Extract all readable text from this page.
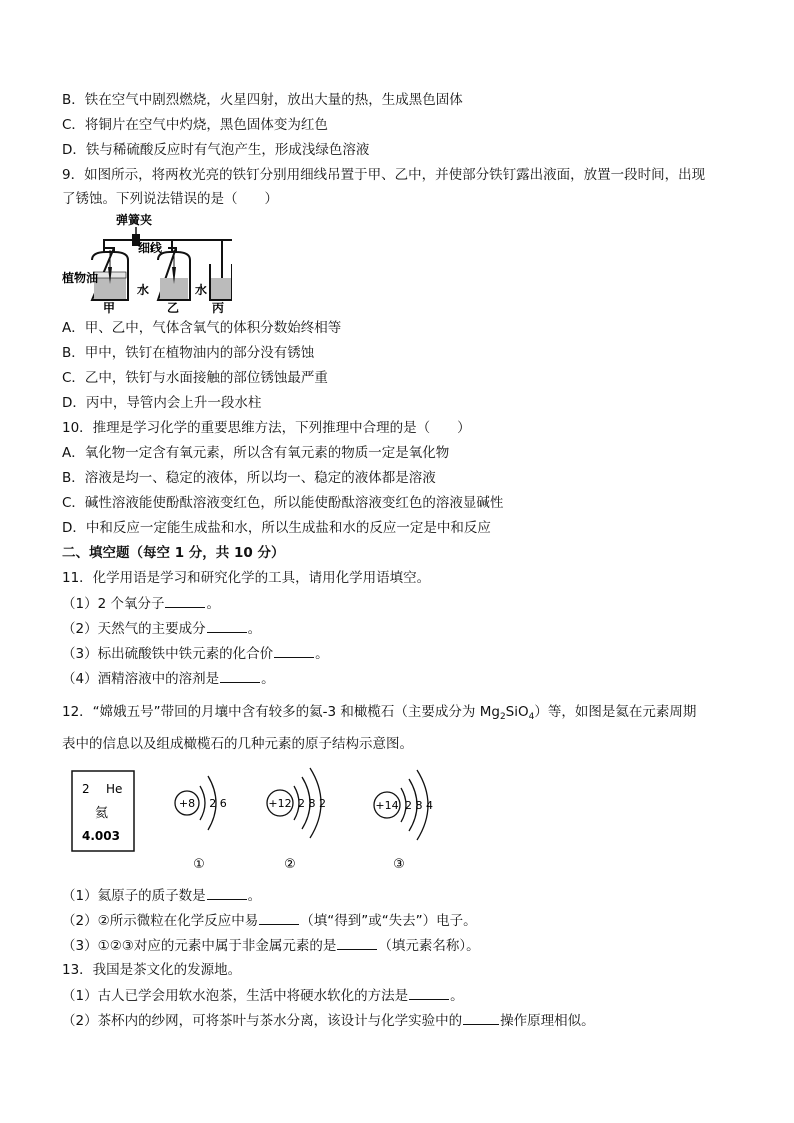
B．铁在空气中剧烈燃烧，火星四射，放出大量的热，生成黑色固体
C．将铜片在空气中灼烧，黑色固体变为红色
D．铁与稀硫酸反应时有气泡产生，形成浅绿色溶液
9．如图所示，将两枚光亮的铁钉分别用细线吊置于甲、乙中，并使部分铁钉露出液面，放置一段时间，出现
了锈蚀。下列说法错误的是（　　）
弹簧夹
细线
植物油
水	水
甲	乙	丙
A．甲、乙中，气体含氧气的体积分数始终相等
B．甲中，铁钉在植物油内的部分没有锈蚀
C．乙中，铁钉与水面接触的部位锈蚀最严重
D．丙中，导管内会上升一段水柱
10．推理是学习化学的重要思维方法，下列推理中合理的是（　　）
A．氧化物一定含有氧元素，所以含有氧元素的物质一定是氧化物
B．溶液是均一、稳定的液体，所以均一、稳定的液体都是溶液
C．碱性溶液能使酚酞溶液变红色，所以能使酚酞溶液变红色的溶液显碱性
D．中和反应一定能生成盐和水，所以生成盐和水的反应一定是中和反应
二、填空题（每空 1 分，共 10 分）
11．化学用语是学习和研究化学的工具，请用化学用语填空。
（1）2 个氧分子	。
（2）天然气的主要成分	。
（3）标出硫酸铁中铁元素的化合价	。
（4）酒精溶液中的溶剂是	。
12．“嫦娥五号”带回的月壤中含有较多的氦-3 和橄榄石（主要成分为 $Mg_2SiO_4$）等，如图是氦在元素周期
表中的信息以及组成橄榄石的几种元素的原子结构示意图。
2 He
氦
4.003
+8 2 6
①
+12 2 8 2
②
+14 2 8 4
③
（1）氦原子的质子数是	。
（2）②所示微粒在化学反应中易	（填“得到”或“失去”）电子。
（3）①②③对应的元素中属于非金属元素的是	（填元素名称）。
13．我国是茶文化的发源地。
（1）古人已学会用软水泡茶，生活中将硬水软化的方法是	。
（2）茶杯内的纱网，可将茶叶与茶水分离，该设计与化学实验中的	操作原理相似。
